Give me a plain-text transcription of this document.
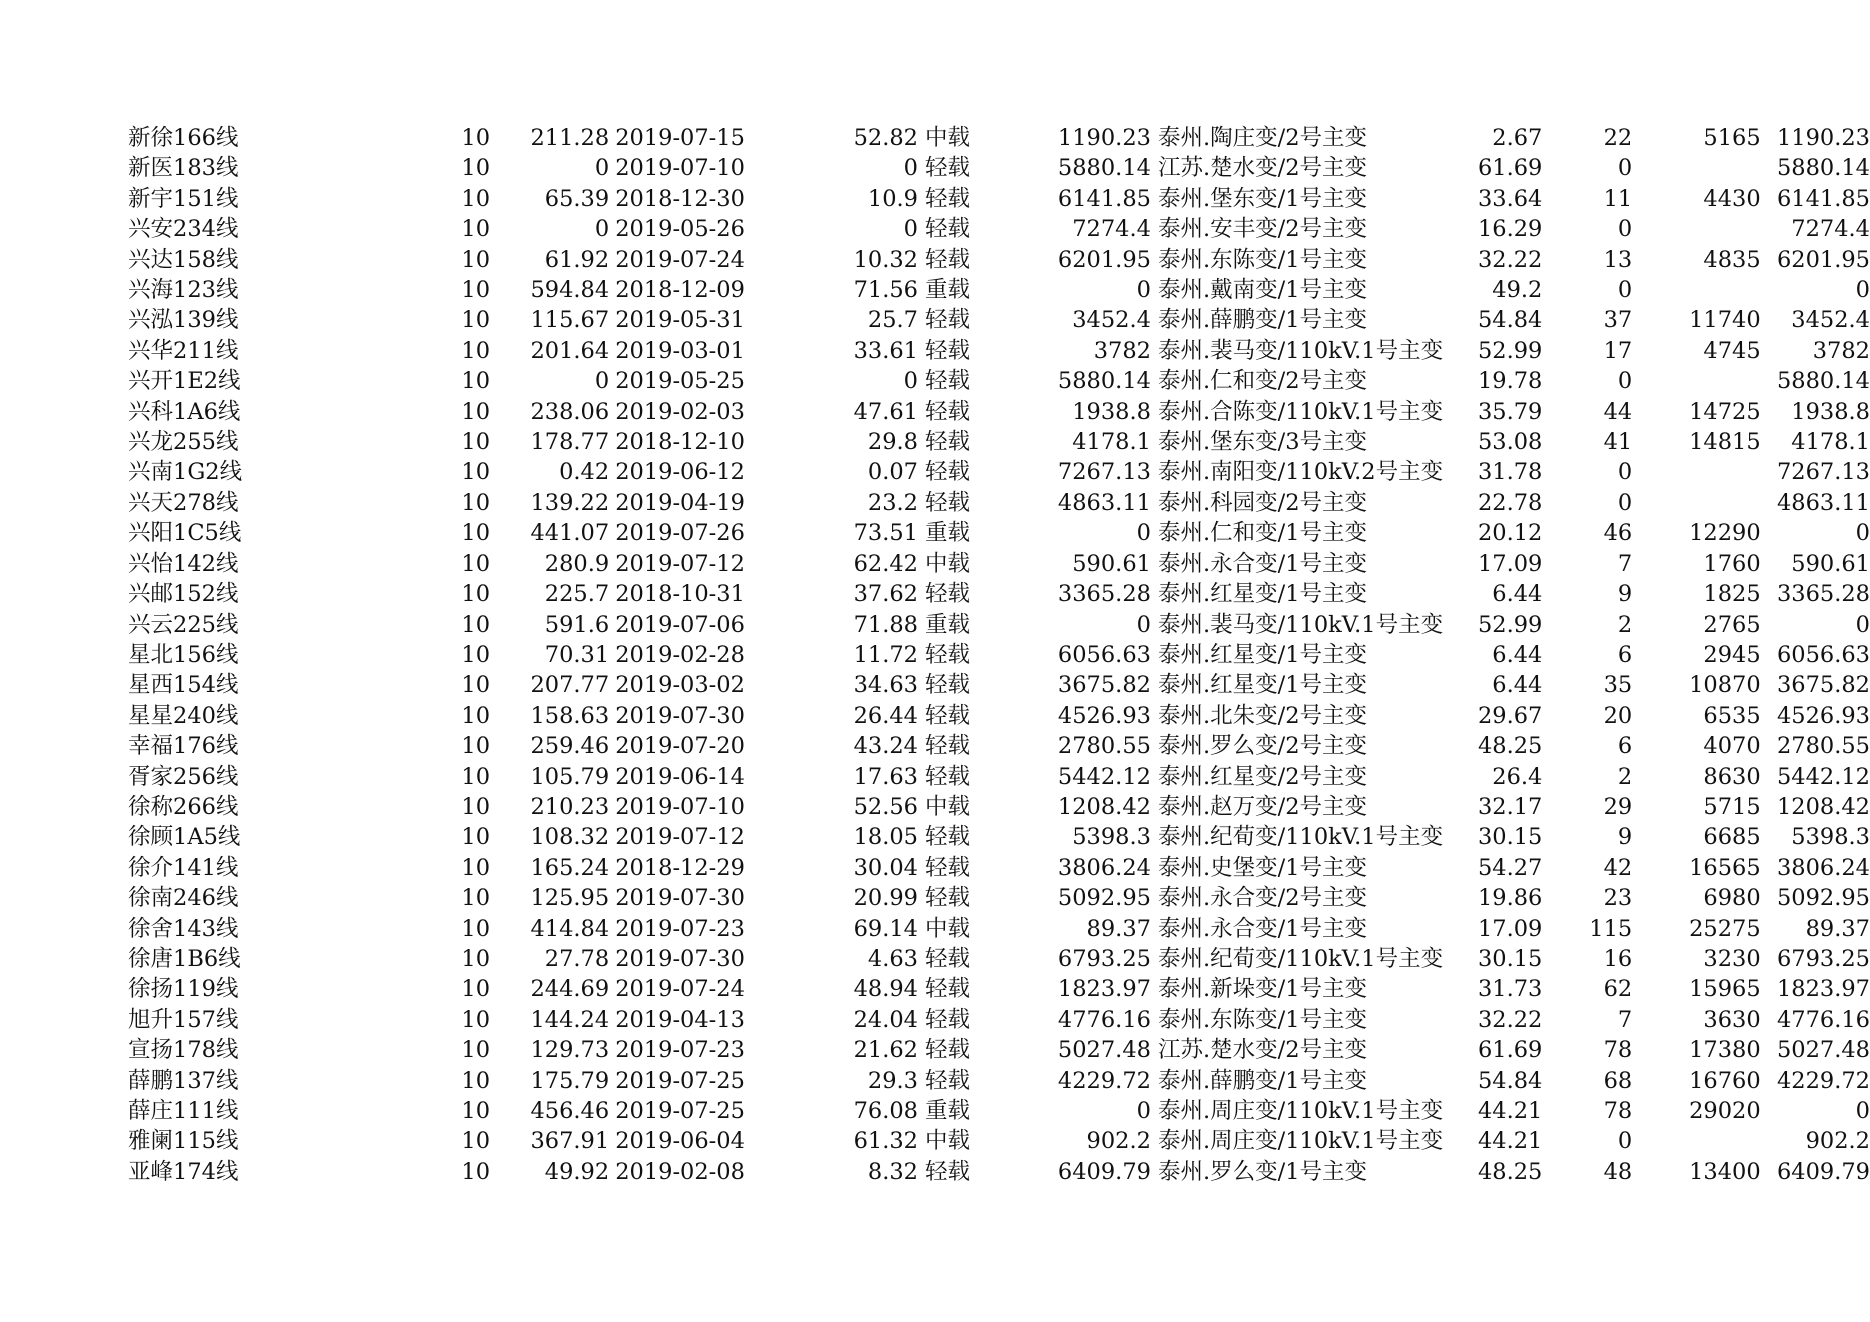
新徐166线	10	211.28	2019-07-15	52.82	中载	1190.23	泰州.陶庄变/2号主变	2.67	22	5165	1190.23
新医183线	10	0	2019-07-10	0	轻载	5880.14	江苏.楚水变/2号主变	61.69	0		5880.14
新宇151线	10	65.39	2018-12-30	10.9	轻载	6141.85	泰州.堡东变/1号主变	33.64	11	4430	6141.85
兴安234线	10	0	2019-05-26	0	轻载	7274.4	泰州.安丰变/2号主变	16.29	0		7274.4
兴达158线	10	61.92	2019-07-24	10.32	轻载	6201.95	泰州.东陈变/1号主变	32.22	13	4835	6201.95
兴海123线	10	594.84	2018-12-09	71.56	重载	0	泰州.戴南变/1号主变	49.2	0		0
兴泓139线	10	115.67	2019-05-31	25.7	轻载	3452.4	泰州.薛鹏变/1号主变	54.84	37	11740	3452.4
兴华211线	10	201.64	2019-03-01	33.61	轻载	3782	泰州.裴马变/110kV.1号主变	52.99	17	4745	3782
兴开1E2线	10	0	2019-05-25	0	轻载	5880.14	泰州.仁和变/2号主变	19.78	0		5880.14
兴科1A6线	10	238.06	2019-02-03	47.61	轻载	1938.8	泰州.合陈变/110kV.1号主变	35.79	44	14725	1938.8
兴龙255线	10	178.77	2018-12-10	29.8	轻载	4178.1	泰州.堡东变/3号主变	53.08	41	14815	4178.1
兴南1G2线	10	0.42	2019-06-12	0.07	轻载	7267.13	泰州.南阳变/110kV.2号主变	31.78	0		7267.13
兴天278线	10	139.22	2019-04-19	23.2	轻载	4863.11	泰州.科园变/2号主变	22.78	0		4863.11
兴阳1C5线	10	441.07	2019-07-26	73.51	重载	0	泰州.仁和变/1号主变	20.12	46	12290	0
兴怡142线	10	280.9	2019-07-12	62.42	中载	590.61	泰州.永合变/1号主变	17.09	7	1760	590.61
兴邮152线	10	225.7	2018-10-31	37.62	轻载	3365.28	泰州.红星变/1号主变	6.44	9	1825	3365.28
兴云225线	10	591.6	2019-07-06	71.88	重载	0	泰州.裴马变/110kV.1号主变	52.99	2	2765	0
星北156线	10	70.31	2019-02-28	11.72	轻载	6056.63	泰州.红星变/1号主变	6.44	6	2945	6056.63
星西154线	10	207.77	2019-03-02	34.63	轻载	3675.82	泰州.红星变/1号主变	6.44	35	10870	3675.82
星星240线	10	158.63	2019-07-30	26.44	轻载	4526.93	泰州.北朱变/2号主变	29.67	20	6535	4526.93
幸福176线	10	259.46	2019-07-20	43.24	轻载	2780.55	泰州.罗么变/2号主变	48.25	6	4070	2780.55
胥家256线	10	105.79	2019-06-14	17.63	轻载	5442.12	泰州.红星变/2号主变	26.4	2	8630	5442.12
徐称266线	10	210.23	2019-07-10	52.56	中载	1208.42	泰州.赵万变/2号主变	32.17	29	5715	1208.42
徐顾1A5线	10	108.32	2019-07-12	18.05	轻载	5398.3	泰州.纪荀变/110kV.1号主变	30.15	9	6685	5398.3
徐介141线	10	165.24	2018-12-29	30.04	轻载	3806.24	泰州.史堡变/1号主变	54.27	42	16565	3806.24
徐南246线	10	125.95	2019-07-30	20.99	轻载	5092.95	泰州.永合变/2号主变	19.86	23	6980	5092.95
徐舍143线	10	414.84	2019-07-23	69.14	中载	89.37	泰州.永合变/1号主变	17.09	115	25275	89.37
徐唐1B6线	10	27.78	2019-07-30	4.63	轻载	6793.25	泰州.纪荀变/110kV.1号主变	30.15	16	3230	6793.25
徐扬119线	10	244.69	2019-07-24	48.94	轻载	1823.97	泰州.新垛变/1号主变	31.73	62	15965	1823.97
旭升157线	10	144.24	2019-04-13	24.04	轻载	4776.16	泰州.东陈变/1号主变	32.22	7	3630	4776.16
宣扬178线	10	129.73	2019-07-23	21.62	轻载	5027.48	江苏.楚水变/2号主变	61.69	78	17380	5027.48
薛鹏137线	10	175.79	2019-07-25	29.3	轻载	4229.72	泰州.薛鹏变/1号主变	54.84	68	16760	4229.72
薛庄111线	10	456.46	2019-07-25	76.08	重载	0	泰州.周庄变/110kV.1号主变	44.21	78	29020	0
雅阑115线	10	367.91	2019-06-04	61.32	中载	902.2	泰州.周庄变/110kV.1号主变	44.21	0		902.2
亚峰174线	10	49.92	2019-02-08	8.32	轻载	6409.79	泰州.罗么变/1号主变	48.25	48	13400	6409.79
